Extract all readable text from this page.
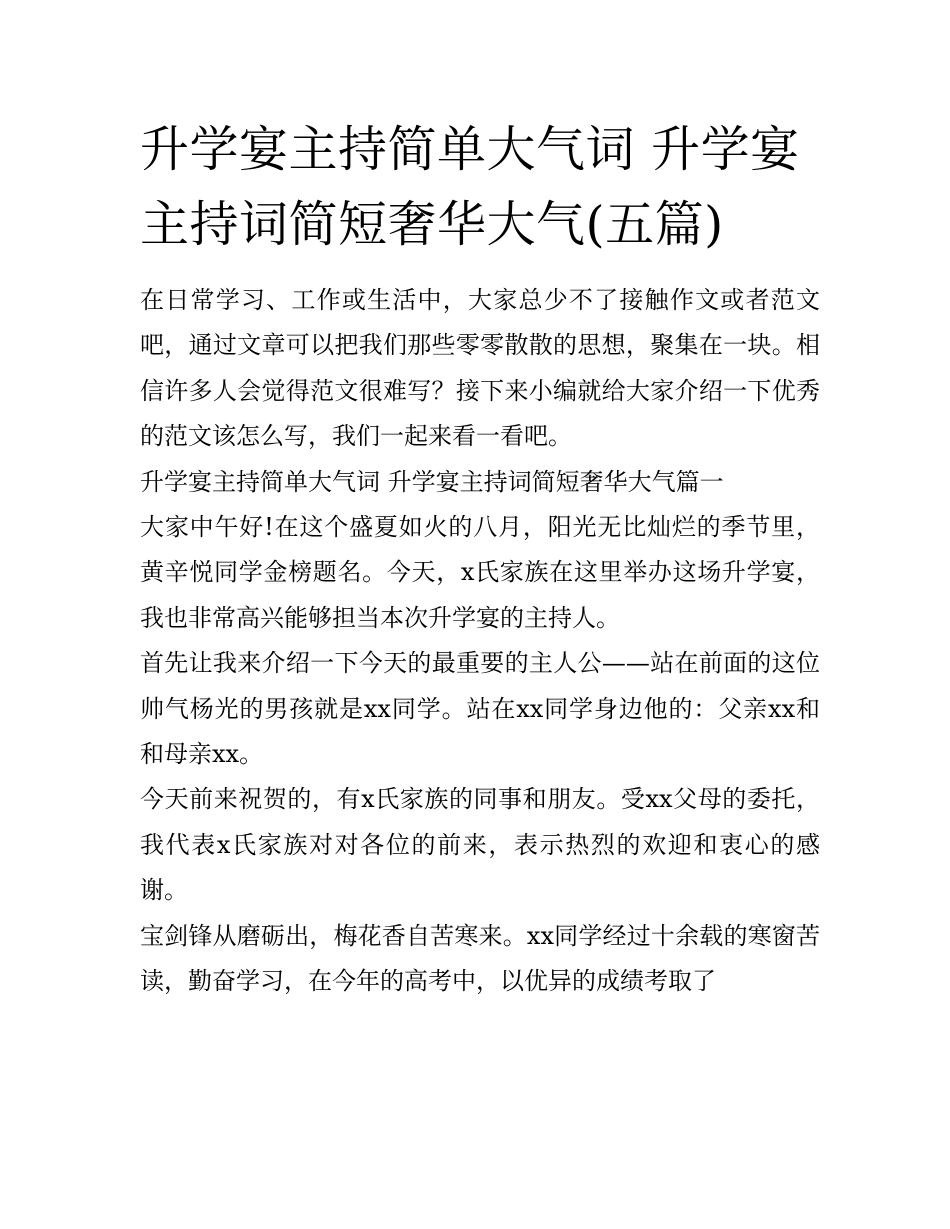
升学宴主持简单大气词 升学宴主持词简短奢华大气(五篇)

在日常学习、工作或生活中，大家总少不了接触作文或者范文吧，通过文章可以把我们那些零零散散的思想，聚集在一块。相信许多人会觉得范文很难写？接下来小编就给大家介绍一下优秀的范文该怎么写，我们一起来看一看吧。

升学宴主持简单大气词 升学宴主持词简短奢华大气篇一

大家中午好!在这个盛夏如火的八月，阳光无比灿烂的季节里，黄辛悦同学金榜题名。今天，x氏家族在这里举办这场升学宴，我也非常高兴能够担当本次升学宴的主持人。

首先让我来介绍一下今天的最重要的主人公——站在前面的这位帅气杨光的男孩就是xx同学。站在xx同学身边他的：父亲xx和和母亲xx。

今天前来祝贺的，有x氏家族的同事和朋友。受xx父母的委托，我代表x氏家族对对各位的前来，表示热烈的欢迎和衷心的感谢。

宝剑锋从磨砺出，梅花香自苦寒来。xx同学经过十余载的寒窗苦读，勤奋学习，在今年的高考中，以优异的成绩考取了
